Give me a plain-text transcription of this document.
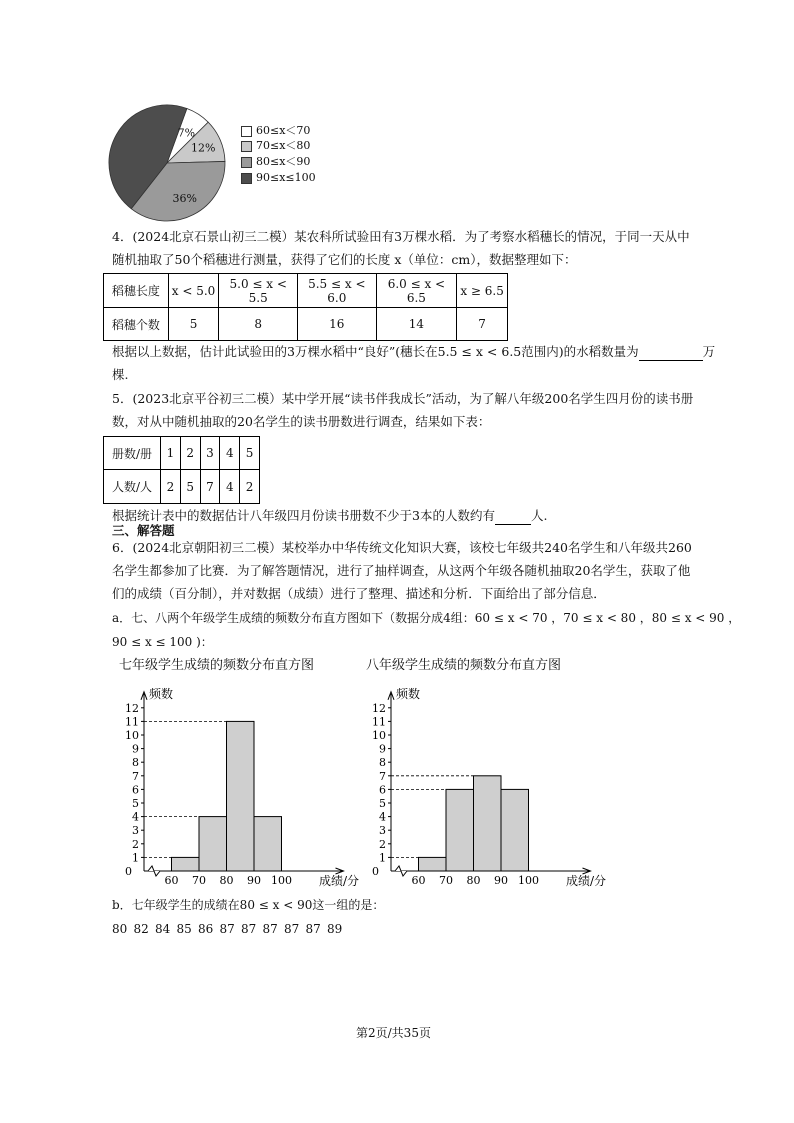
7%
12%
36%
60≤x＜70
70≤x＜80
80≤x＜90
90≤x≤100
4．(2024北京石景山初三二模）某农科所试验田有3万棵水稻．为了考察水稻穗长的情况，于同一天从中
随机抽取了50个稻穗进行测量，获得了它们的长度 x（单位：cm），数据整理如下：
稻穗长度	x < 5.0	5.0 ≤ x < 5.5	5.5 ≤ x < 6.0	6.0 ≤ x < 6.5	x ≥ 6.5
稻穗个数	5	8	16	14	7
根据以上数据，估计此试验田的3万棵水稻中“良好”(穗长在5.5 ≤ x < 6.5范围内)的水稻数量为	万
棵.
5．(2023北京平谷初三二模）某中学开展“读书伴我成长”活动，为了解八年级200名学生四月份的读书册
数，对从中随机抽取的20名学生的读书册数进行调查，结果如下表：
册数/册	1	2	3	4	5
人数/人	2	5	7	4	2
根据统计表中的数据估计八年级四月份读书册数不少于3本的人数约有	人.
三、解答题
6．(2024北京朝阳初三二模）某校举办中华传统文化知识大赛，该校七年级共240名学生和八年级共260
名学生都参加了比赛．为了解答题情况，进行了抽样调查，从这两个年级各随机抽取20名学生，获取了他
们的成绩（百分制），并对数据（成绩）进行了整理、描述和分析．下面给出了部分信息．
a．七、八两个年级学生成绩的频数分布直方图如下（数据分成4组：60 ≤ x < 70 ，70 ≤ x < 80 ，80 ≤ x < 90 ，
90 ≤ x ≤ 100 )：
七年级学生成绩的频数分布直方图	八年级学生成绩的频数分布直方图
0
1
2
3
4
5
6
7
8
9
10
11
12
频数
60 70 80 90 100 成绩/分
0
1
2
3
4
5
6
7
8
9
10
11
12
频数
60 70 80 90 100 成绩/分
b．七年级学生的成绩在80 ≤ x < 90这一组的是：
80 82 84 85 86 87 87 87 87 87 89
第2页/共35页
